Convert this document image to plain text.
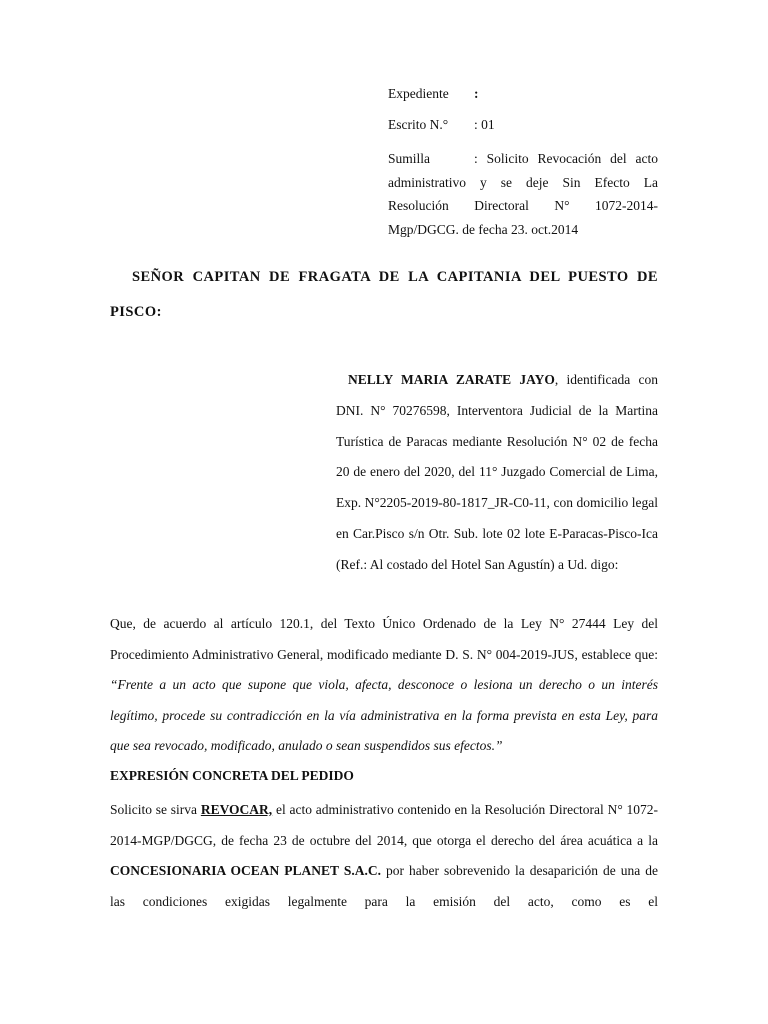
Expediente :
Escrito N.° : 01
Sumilla	: Solicito Revocación del acto administrativo y se deje Sin Efecto La Resolución Directoral N° 1072-2014-Mgp/DGCG. de fecha 23. oct.2014
SEÑOR CAPITAN DE FRAGATA DE LA CAPITANIA DEL PUESTO DE
PISCO:
NELLY MARIA ZARATE JAYO, identificada con DNI. N° 70276598, Interventora Judicial de la Martina Turística de Paracas mediante Resolución N° 02 de fecha 20 de enero del 2020, del 11° Juzgado Comercial de Lima, Exp. N°2205-2019-80-1817_JR-C0-11, con domicilio legal en Car.Pisco s/n Otr. Sub. lote 02 lote E-Paracas-Pisco-Ica (Ref.: Al costado del Hotel San Agustín) a Ud. digo:
Que, de acuerdo al artículo 120.1, del Texto Único Ordenado de la Ley N° 27444 Ley del Procedimiento Administrativo General, modificado mediante D. S. N° 004-2019-JUS, establece que: “Frente a un acto que supone que viola, afecta, desconoce o lesiona un derecho o un interés legítimo, procede su contradicción en la vía administrativa en la forma prevista en esta Ley, para que sea revocado, modificado, anulado o sean suspendidos sus efectos.”
EXPRESIÓN CONCRETA DEL PEDIDO
Solicito se sirva REVOCAR, el acto administrativo contenido en la Resolución Directoral N° 1072-2014-MGP/DGCG, de fecha 23 de octubre del 2014, que otorga el derecho del área acuática a la CONCESIONARIA OCEAN PLANET S.A.C. por haber sobrevenido la desaparición de una de las condiciones exigidas legalmente para la emisión del acto, como es el
